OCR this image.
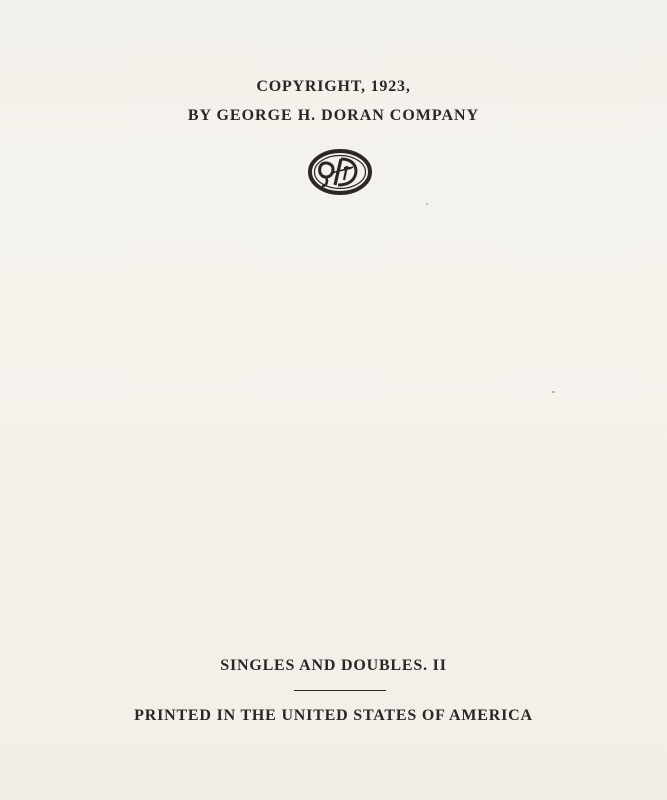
COPYRIGHT, 1923,
BY GEORGE H. DORAN COMPANY
SINGLES AND DOUBLES. II
PRINTED IN THE UNITED STATES OF AMERICA
